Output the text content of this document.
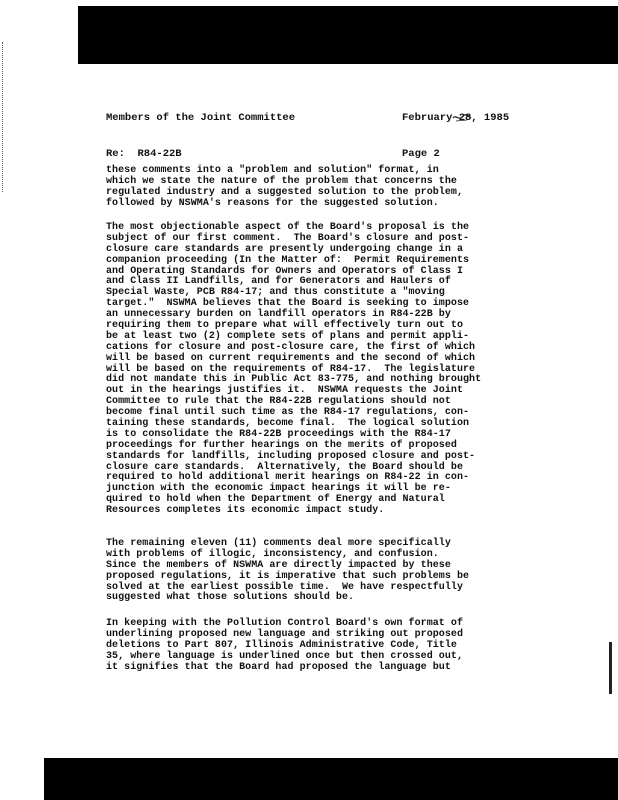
Members of the Joint Committee

Re:  R84-22B

February 28, 1985

Page 2

these comments into a "problem and solution" format, in
which we state the nature of the problem that concerns the
regulated industry and a suggested solution to the problem,
followed by NSWMA's reasons for the suggested solution.
The most objectionable aspect of the Board's proposal is the
subject of our first comment.  The Board's closure and post-
closure care standards are presently undergoing change in a
companion proceeding (In the Matter of:  Permit Requirements
and Operating Standards for Owners and Operators of Class I
and Class II Landfills, and for Generators and Haulers of
Special Waste, PCB R84-17; and thus constitute a "moving
target."  NSWMA believes that the Board is seeking to impose
an unnecessary burden on landfill operators in R84-22B by
requiring them to prepare what will effectively turn out to
be at least two (2) complete sets of plans and permit appli-
cations for closure and post-closure care, the first of which
will be based on current requirements and the second of which
will be based on the requirements of R84-17.  The legislature
did not mandate this in Public Act 83-775, and nothing brought
out in the hearings justifies it.  NSWMA requests the Joint
Committee to rule that the R84-22B regulations should not
become final until such time as the R84-17 regulations, con-
taining these standards, become final.  The logical solution
is to consolidate the R84-22B proceedings with the R84-17
proceedings for further hearings on the merits of proposed
standards for landfills, including proposed closure and post-
closure care standards.  Alternatively, the Board should be
required to hold additional merit hearings on R84-22 in con-
junction with the economic impact hearings it will be re-
quired to hold when the Department of Energy and Natural
Resources completes its economic impact study.
The remaining eleven (11) comments deal more specifically
with problems of illogic, inconsistency, and confusion.
Since the members of NSWMA are directly impacted by these
proposed regulations, it is imperative that such problems be
solved at the earliest possible time.  We have respectfully
suggested what those solutions should be.
In keeping with the Pollution Control Board's own format of
underlining proposed new language and striking out proposed
deletions to Part 807, Illinois Administrative Code, Title
35, where language is underlined once but then crossed out,
it signifies that the Board had proposed the language but
